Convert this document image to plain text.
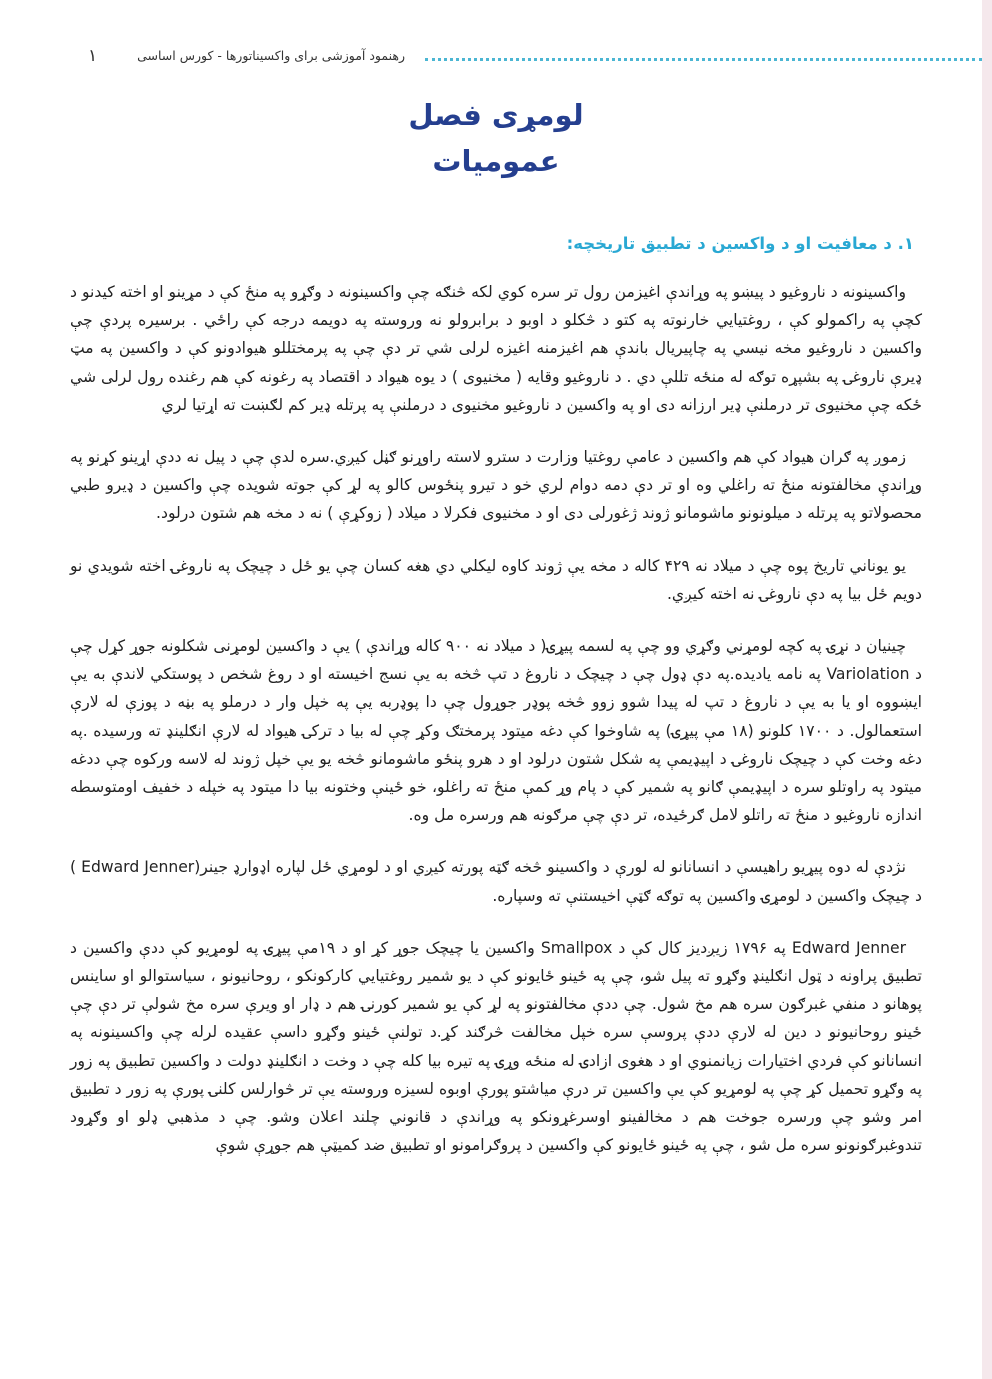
رهنمود آموزشی برای واکسیناتورها - کورس اساسی
۱
لومړی فصل
عمومیات
۱. د معافیت او د واکسین د تطبیق تاریخچه:

واکسینونه د ناروغیو د پیښو په وړاندې اغیزمن رول تر سره کوي لکه څنګه چې واکسینونه د وګړو په منځ کې د مړینو او اخته کیدنو د کچې په راکمولو کې ، روغتیایي خارنوته په کتو د څکلو د اوبو د برابرولو نه وروسته په دویمه درجه کې راځي . برسیره پردې چې واکسین د ناروغیو مخه نیسي په چاپیریال باندې هم اغیزمنه اغیزه لرلی شي تر دې چې په پرمختللو هیوادونو کې د واکسین په مټ ډیرې ناروغۍ په بشپړه توګه له منځه تللې دي . د ناروغیو وقایه ( مخنیوی ) د یوه هیواد د اقتصاد په رغونه کې هم رغنده رول لرلی شي ځکه چې مخنیوی تر درملنې ډیر ارزانه دی او په واکسین د ناروغیو مخنیوی د درملنې په پرتله ډیر کم لګښت ته اړتیا لري

زموږ په ګران هیواد کې هم واکسین د عامې روغتیا وزارت د سترو لاسته راوړنو ګڼل کیږي.سره لدې چې د پیل نه ددې اړینو کړنو په وړاندې مخالفتونه منځ ته راغلي وه او تر دې دمه دوام لري خو د تیرو پنځوس کالو په لړ کې جوته شویده چې واکسین د ډیرو طبي محصولاتو په پرتله د میلونونو ماشومانو ژوند ژغورلی دی او د مخنیوی فکرلا د میلاد ( زوکړې ) نه د مخه هم شتون درلود.

یو یوناني تاریخ پوه چې د میلاد نه ۴۲۹ کاله د مخه یې ژوند کاوه لیکلي دي هغه کسان چې یو ځل د چیچک په ناروغۍ اخته شویدي نو دویم ځل بیا په دې ناروغۍ نه اخته کیږي.

چینیان د نړۍ په کچه لومړني وګړي وو چې په لسمه پیړۍ( د میلاد نه ۹۰۰ کاله وړاندې ) یې د واکسین لومړنی شکلونه جوړ کړل چې د Variolation په نامه یادیده.په دې ډول چې د چیچک د ناروغ د تپ څخه به یې نسج اخیسته او د روغ شخص د پوستکي لاندې به یې ایښووه او یا به یې د ناروغ د تپ له پیدا شوو زوو څخه پوډر جوړول چې دا پوډربه یې په خپل وار د درملو په بڼه د پوزې له لارې استعمالول. د ۱۷۰۰ کلونو (۱۸ مې پیړۍ) په شاوخوا کې دغه میتود پرمختګ وکړ چې له بیا د ترکۍ هیواد له لارې انګلینډ ته ورسیده .په دغه وخت کې د چیچک ناروغۍ د اپیډیمې په شکل شتون درلود او د هرو پنځو ماشومانو څخه یو یې خپل ژوند له لاسه ورکوه چې ددغه میتود په راوتلو سره د اپیډیمې ګانو په شمیر کې د پام وړ کمې منځ ته راغلو، خو ځینې وختونه بیا دا میتود په خپله د خفیف اومتوسطه اندازه ناروغیو د منځ ته راتلو لامل ګرځیده، تر دې چې مرګونه هم ورسره مل وه.

نژدې له دوه پیړیو راهیسې د انسانانو له لورې د واکسینو څخه ګټه پورته کیږي او د لومړي ځل لپاره اډوارډ جینر(Edward Jenner ) د چیچک واکسین د لومړۍ واکسین په توګه ګټې اخیستنې ته وسپاره.

Edward Jenner په ۱۷۹۶ زیږدیز کال کې د Smallpox واکسین یا چیچک جوړ کړ او د ۱۹مې پیړۍ په لومړیو کې ددې واکسین د تطبیق پراونه د ټول انګلینډ وګړو ته پیل شو، چې په ځینو ځایونو کې د یو شمیر روغتیایي کارکونکو ، روحانیونو ، سیاستوالو او ساینس پوهانو د منفي غبرګون سره هم مخ شول. چې ددې مخالفتونو په لړ کې یو شمیر کورنۍ هم د ډار او ویرې سره مخ شولې تر دې چې ځینو روحانیونو د دین له لارې ددې پروسې سره خپل مخالفت څرګند کړ.د تولنې ځینو وګړو داسې عقیده لرله چې واکسینونه په انسانانو کې فردي اختیارات زیانمنوي او د هغوی ازادۍ له منځه وړۍ په تیره بیا کله چې د وخت د انګلینډ دولت د واکسین تطبیق په زور په وګړو تحمیل کړ چې په لومړیو کې یې واکسین تر درې میاشتو پورې اوبوه لسیزه وروسته یې تر څوارلس کلنۍ پورې په زور د تطبیق امر وشو چې ورسره جوخت هم د مخالفینو اوسرغړونکو په وړاندې د قانوني چلند اعلان وشو. چې د مذهبي ډلو او وګړود تندوغبرګونونو سره مل شو ، چې په ځینو ځایونو کې واکسین د پروګرامونو او تطبیق ضد کمیټې هم جوړې شوې
